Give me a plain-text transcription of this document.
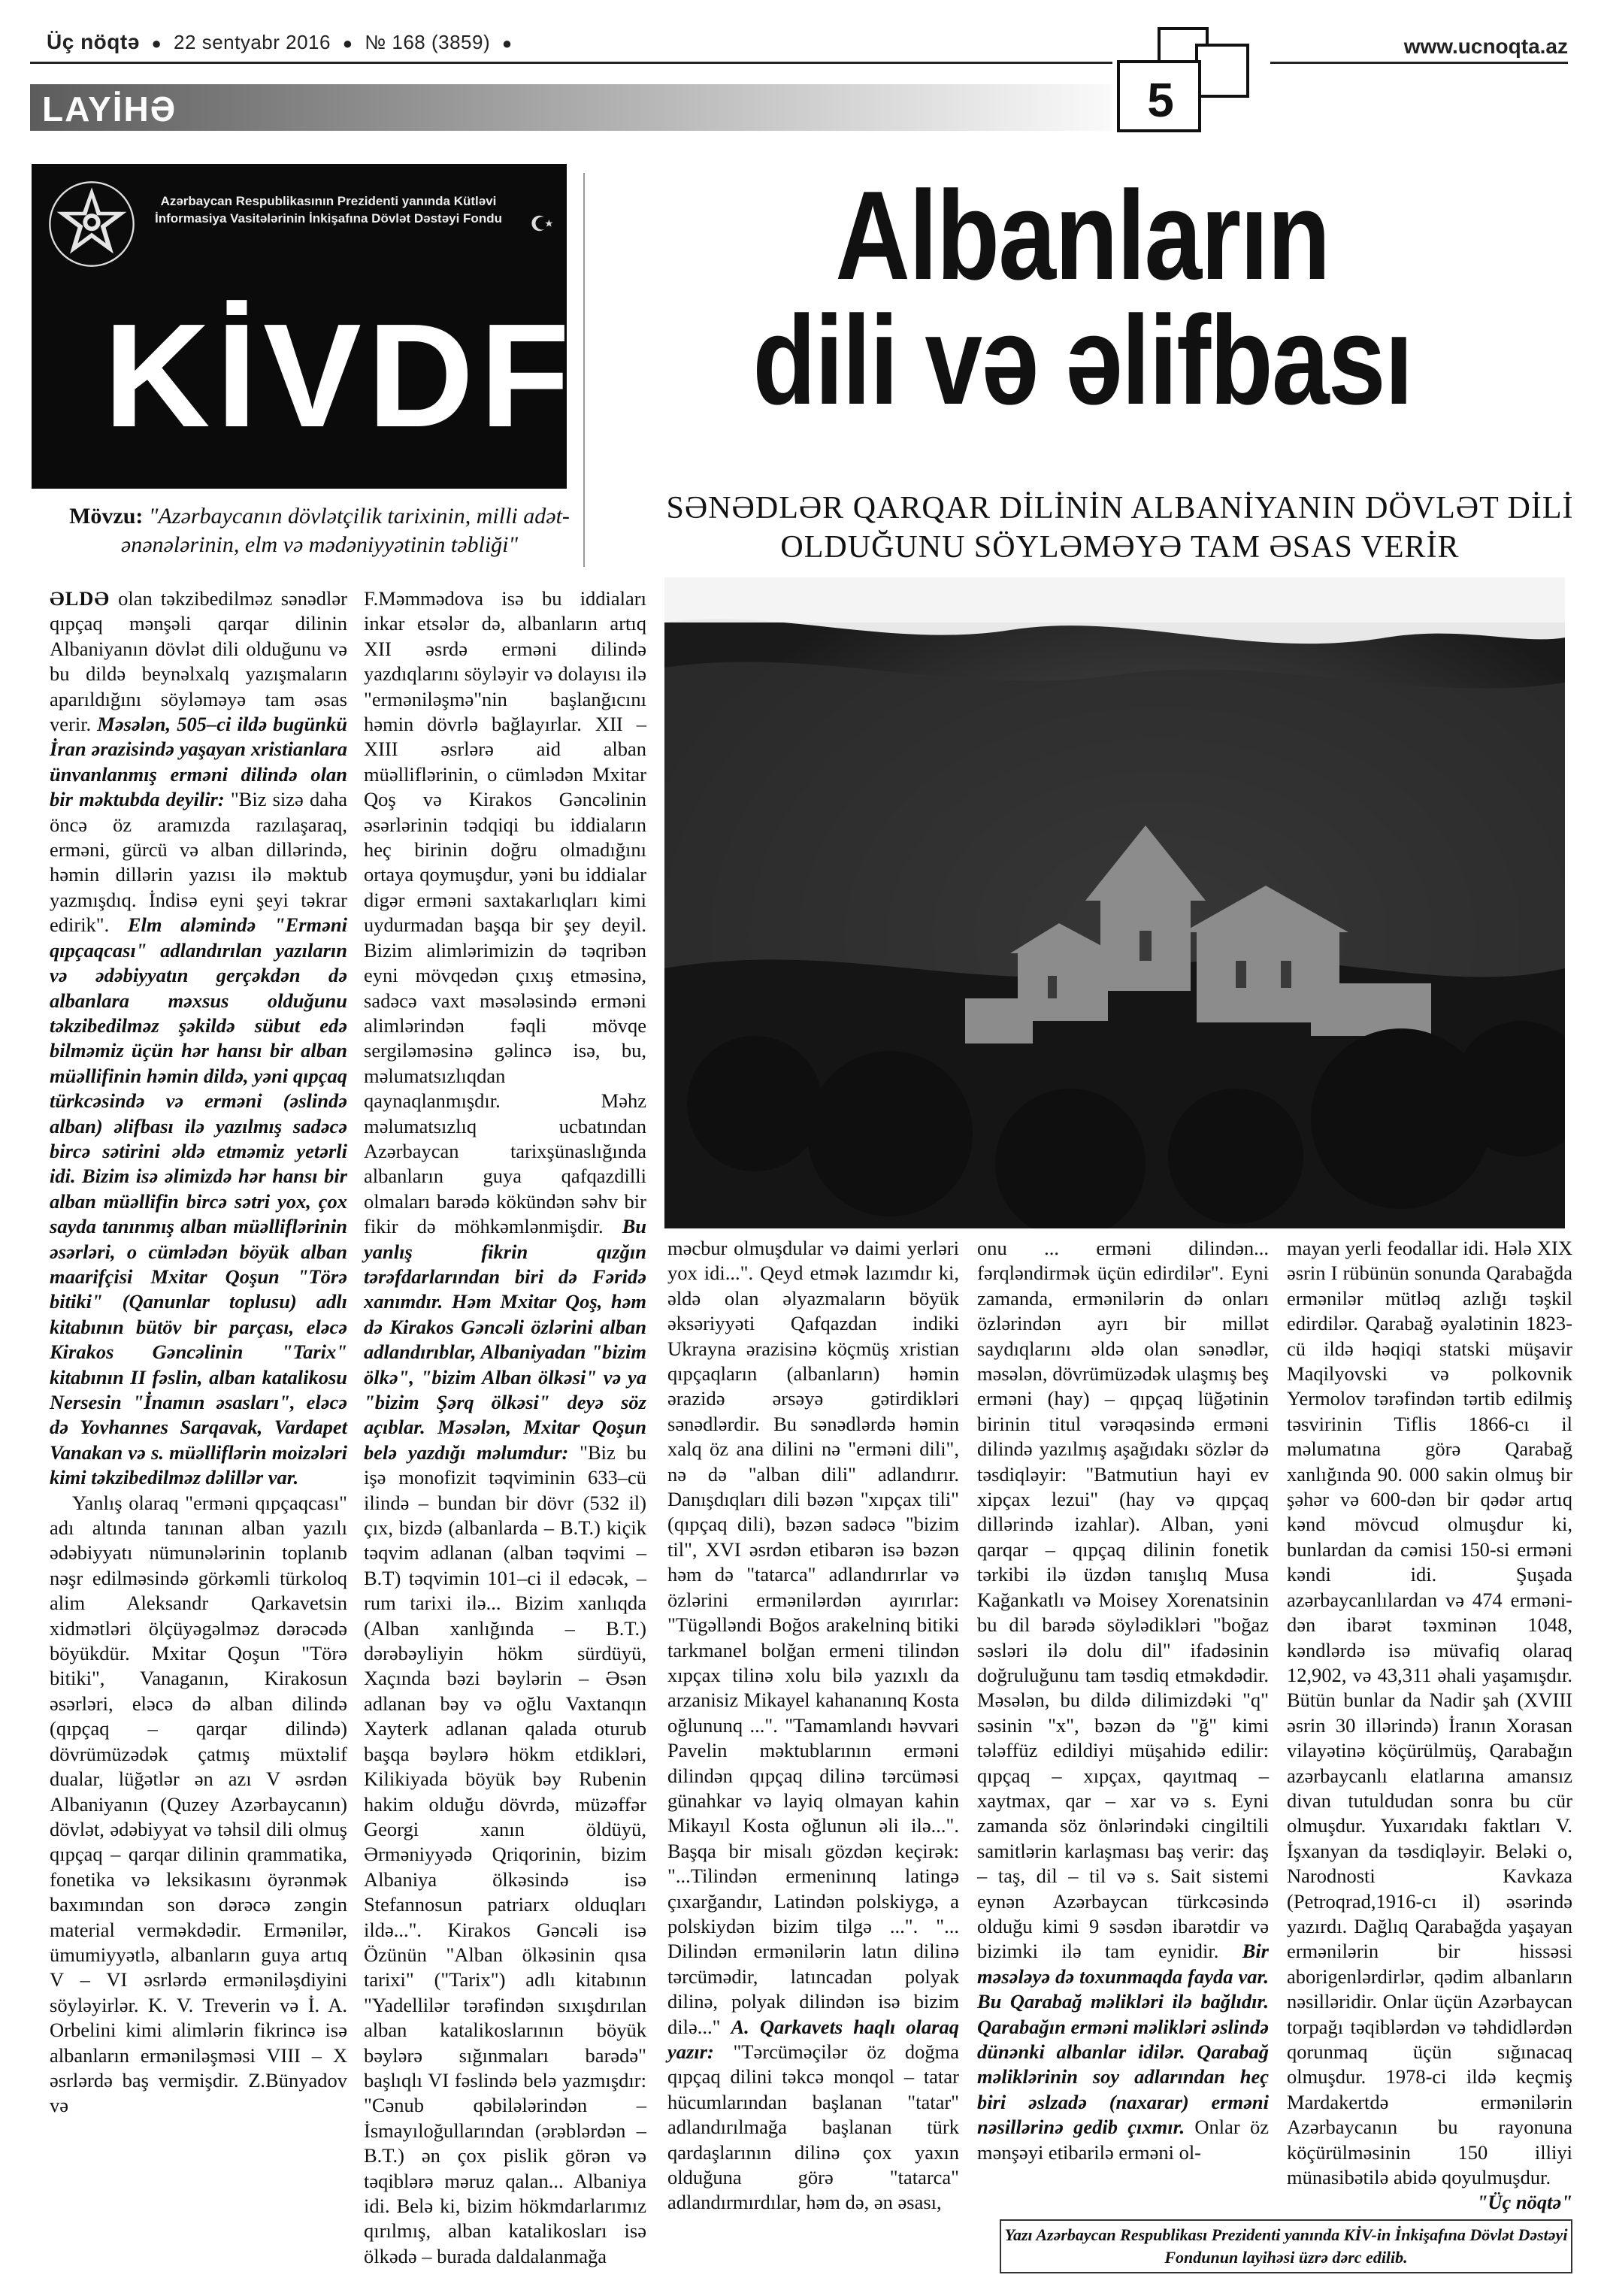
Üç nöqtə ● 22 sentyabr 2016 ● № 168 (3859) ●	www.ucnoqta.az
5
LAYİHƏ
Azərbaycan Respublikasının Prezidenti yanında Kütləvi İnformasiya Vasitələrinin İnkişafına Dövlət Dəstəyi Fondu
KİVDF
Mövzu: "Azərbaycanın dövlətçilik tarixinin, milli adət-ənənələrinin, elm və mədəniyyətinin təbliği"
Albanların
dili və əlifbası
SƏNƏDLƏR QARQAR DİLİNİN ALBANİYANIN DÖVLƏT DİLİ OLDUĞUNU SÖYLƏMƏYƏ TAM ƏSAS VERİR

ƏLDƏ olan təkzibedilməz sənədlər qıpçaq mənşəli qarqar dilinin Albaniyanın dövlət dili olduğunu və bu dildə beynəlxalq yazışmaların aparıldığını söyləməyə tam əsas verir. Məsələn, 505–ci ildə bugünkü İran ərazisində yaşayan xristianlara ünvanlanmış erməni dilində olan bir məktubda deyilir: "Biz sizə daha öncə öz aramızda razılaşaraq, erməni, gürcü və alban dillərində, həmin dillərin yazısı ilə məktub yazmışdıq. İndisə eyni şeyi təkrar edirik". Elm aləmində "Erməni qıpçaqcası" adlandırılan yazıların və ədəbiyyatın gerçəkdən də albanlara məxsus olduğunu təkzibedilməz şəkildə sübut edə bilməmiz üçün hər hansı bir alban müəllifinin həmin dildə, yəni qıpçaq türkcəsində və erməni (əslində alban) əlifbası ilə yazılmış sadəcə bircə sətirini əldə etməmiz yetərli idi. Bizim isə əlimizdə hər hansı bir alban müəllifin bircə sətri yox, çox sayda tanınmış alban müəlliflərinin əsərləri, o cümlədən böyük alban maarifçisi Mxitar Qoşun "Törə bitiki" (Qanunlar toplusu) adlı kitabının bütöv bir parçası, eləcə Kirakos Gəncəlinin "Tarix" kitabının II fəslin, alban katalikosu Nersesin "İnamın əsasları", eləcə də Yovhannes Sarqavak, Vardapet Vanakan və s. müəlliflərin moizələri kimi təkzibedilməz dəlillər var.

Yanlış olaraq "erməni qıpçaqcası" adı altında tanınan alban yazılı ədəbiyyatı nümunələrinin toplanıb nəşr edilməsində görkəmli türkoloq alim Aleksandr Qarkavetsin xidmətləri ölçüyəgəlməz dərəcədə böyükdür. Mxitar Qoşun "Törə bitiki", Vanaganın, Kirakosun əsərləri, eləcə də alban dilində (qıpçaq – qarqar dilində) dövrümüzədək çatmış müxtəlif dualar, lüğətlər ən azı V əsrdən Albaniyanın (Quzey Azərbaycanın) dövlət, ədəbiyyat və təhsil dili olmuş qıpçaq – qarqar dilinin qrammatika, fonetika və leksikasını öyrənmək baxımından son dərəcə zəngin material verməkdədir. Ermənilər, ümumiyyətlə, albanların guya artıq V – VI əsrlərdə erməniləşdiyini söyləyirlər. K. V. Treverin və İ. A. Orbelini kimi alimlərin fikrincə isə albanların erməniləşməsi VIII – X əsrlərdə baş vermişdir. Z.Bünyadov və

F.Məmmədova isə bu iddiaları inkar etsələr də, albanların artıq XII əsrdə erməni dilində yazdıqlarını söyləyir və dolayısı ilə "erməniləşmə"nin başlanğıcını həmin dövrlə bağlayırlar. XII – XIII əsrlərə aid alban müəlliflərinin, o cümlədən Mxitar Qoş və Kirakos Gəncəlinin əsərlərinin tədqiqi bu iddiaların heç birinin doğru olmadığını ortaya qoymuşdur, yəni bu iddialar digər erməni saxtakarlıqları kimi uydurmadan başqa bir şey deyil. Bizim alimlərimizin də təqribən eyni mövqedən çıxış etməsinə, sadəcə vaxt məsələsində erməni alimlərindən fəqli mövqe sergiləməsinə gəlincə isə, bu, məlumatsızlıqdan qaynaqlanmışdır. Məhz məlumatsızlıq ucbatından Azərbaycan tarixşünaslığında albanların guya qafqazdilli olmaları barədə kökündən səhv bir fikir də möhkəmlənmişdir. Bu yanlış fikrin qızğın tərəfdarlarından biri də Fəridə xanımdır. Həm Mxitar Qoş, həm də Kirakos Gəncəli özlərini alban adlandırıblar, Albaniyadan "bizim ölkə", "bizim Alban ölkəsi" və ya "bizim Şərq ölkəsi" deyə söz açıblar. Məsələn, Mxitar Qoşun belə yazdığı məlumdur: "Biz bu işə monofizit təqviminin 633–cü ilində – bundan bir dövr (532 il) çıx, bizdə (albanlarda – B.T.) kiçik təqvim adlanan (alban təqvimi – B.T) təqvimin 101–ci il edəcək, – rum tarixi ilə... Bizim xanlıqda (Alban xanlığında – B.T.) dərəbəyliyin hökm sürdüyü, Xaçında bəzi bəylərin – Əsən adlanan bəy və oğlu Vaxtanqın Xayterk adlanan qalada oturub başqa bəylərə hökm etdikləri, Kilikiyada böyük bəy Rubenin hakim olduğu dövrdə, müzəffər Georgi xanın öldüyü, Ərməniyyədə Qriqorinin, bizim Albaniya ölkəsində isə Stefannosun patriarx olduqları ildə...". Kirakos Gəncəli isə Özünün "Alban ölkəsinin qısa tarixi" ("Tarix") adlı kitabının "Yadellilər tərəfindən sıxışdırılan alban katalikoslarının böyük bəylərə sığınmaları barədə" başlıqlı VI fəslində belə yazmışdır: "Cənub qəbilələrindən – İsmayıloğullarından (ərəblərdən – B.T.) ən çox pislik görən və təqiblərə məruz qalan... Albaniya idi. Belə ki, bizim hökmdarlarımız qırılmış, alban katalikosları isə ölkədə – burada daldalanmağa

məcbur olmuşdular və daimi yerləri yox idi...". Qeyd etmək lazımdır ki, əldə olan əlyazmaların böyük əksəriyyəti Qafqazdan indiki Ukrayna ərazisinə köçmüş xristian qıpçaqların (albanların) həmin ərazidə ərsəyə gətirdikləri sənədlərdir. Bu sənədlərdə həmin xalq öz ana dilini nə "erməni dili", nə də "alban dili" adlandırır. Danışdıqları dili bəzən "xıpçax tili" (qıpçaq dili), bəzən sadəcə "bizim til", XVI əsrdən etibarən isə bəzən həm də "tatarca" adlandırırlar və özlərini ermənilərdən ayırırlar: "Tügəlləndi Boğos arakelninq bitiki tarkmanel bolğan ermeni tilindən xıpçax tilinə xolu bilə yazıxlı da arzanisiz Mikayel kahananınq Kosta oğlununq ...". "Tamamlandı həvvari Pavelin məktublarının erməni dilindən qıpçaq dilinə tərcüməsi günahkar və layiq olmayan kahin Mikayıl Kosta oğlunun əli ilə...". Başqa bir misalı gözdən keçirək: "...Tilindən ermeninınq latingə çıxarğandır, Latindən polskiygə, a polskiydən bizim tilgə ...". "... Dilindən ermənilərin latın dilinə tərcümədir, latıncadan polyak dilinə, polyak dilindən isə bizim dilə..." A. Qarkavets haqlı olaraq yazır: "Tərcüməçilər öz doğma qıpçaq dilini təkcə monqol – tatar hücumlarından başlanan "tatar" adlandırılmağa başlanan türk qardaşlarının dilinə çox yaxın olduğuna görə "tatarca" adlandırmırdılar, həm də, ən əsası,

onu ... erməni dilindən... fərqləndirmək üçün edirdilər". Eyni zamanda, ermənilərin də onları özlərindən ayrı bir millət saydıqlarını əldə olan sənədlər, məsələn, dövrümüzədək ulaşmış beş erməni (hay) – qıpçaq lüğətinin birinin titul vərəqəsində erməni dilində yazılmış aşağıdakı sözlər də təsdiqləyir: "Batmutiun hayi ev xipçax lezui" (hay və qıpçaq dillərində izahlar). Alban, yəni qarqar – qıpçaq dilinin fonetik tərkibi ilə üzdən tanışlıq Musa Kağankatlı və Moisey Xorenatsinin bu dil barədə söylədikləri "boğaz səsləri ilə dolu dil" ifadəsinin doğruluğunu tam təsdiq etməkdədir. Məsələn, bu dildə dilimizdəki "q" səsinin "x", bəzən də "ğ" kimi tələffüz edildiyi müşahidə edilir: qıpçaq – xıpçax, qayıtmaq – xaytmax, qar – xar və s. Eyni zamanda söz önlərindəki cingiltili samitlərin karlaşması baş verir: daş – taş, dil – til və s. Sait sistemi eynən Azərbaycan türkcəsində olduğu kimi 9 səsdən ibarətdir və bizimki ilə tam eynidir. Bir məsələyə də toxunmaqda fayda var. Bu Qarabağ məlikləri ilə bağlıdır. Qarabağın erməni məlikləri əslində dünənki albanlar idilər. Qarabağ məliklərinin soy adlarından heç biri əslzadə (naxarar) erməni nəsillərinə gedib çıxmır. Onlar öz mənşəyi etibarilə erməni ol-

mayan yerli feodallar idi. Hələ XIX əsrin I rübünün sonunda Qarabağda ermənilər mütləq azlığı təşkil edirdilər. Qarabağ əyalətinin 1823-cü ildə həqiqi statski müşavir Maqilyovski və polkovnik Yermolov tərəfindən tərtib edilmiş təsvirinin Tiflis 1866-cı il məlumatına görə Qarabağ xanlığında 90. 000 sakin olmuş bir şəhər və 600-dən bir qədər artıq kənd mövcud olmuşdur ki, bunlardan da cəmisi 150-si erməni kəndi idi. Şuşada azərbaycanlılardan və 474 ermənidən ibarət təxminən 1048, kəndlərdə isə müvafiq olaraq 12,902, və 43,311 əhali yaşamışdır. Bütün bunlar da Nadir şah (XVIII əsrin 30 illərində) İranın Xorasan vilayətinə köçürülmüş, Qarabağın azərbaycanlı elatlarına amansız divan tutuldudan sonra bu cür olmuşdur. Yuxarıdakı faktları V. İşxanyan da təsdiqləyir. Beləki o, Narodnosti Kavkaza (Petroqrad,1916-cı il) əsərində yazırdı. Dağlıq Qarabağda yaşayan ermənilərin bir hissəsi aborigenlərdirlər, qədim albanların nəsilləridir. Onlar üçün Azərbaycan torpağı təqiblərdən və təhdidlərdən qorunmaq üçün sığınacaq olmuşdur. 1978-ci ildə keçmiş Mardakertdə ermənilərin Azərbaycanın bu rayonuna köçürülməsinin 150 illiyi münasibətilə abidə qoyulmuşdur.

"Üç nöqtə"

Yazı Azərbaycan Respublikası Prezidenti yanında KİV-in İnkişafına Dövlət Dəstəyi Fondunun layihəsi üzrə dərc edilib.
